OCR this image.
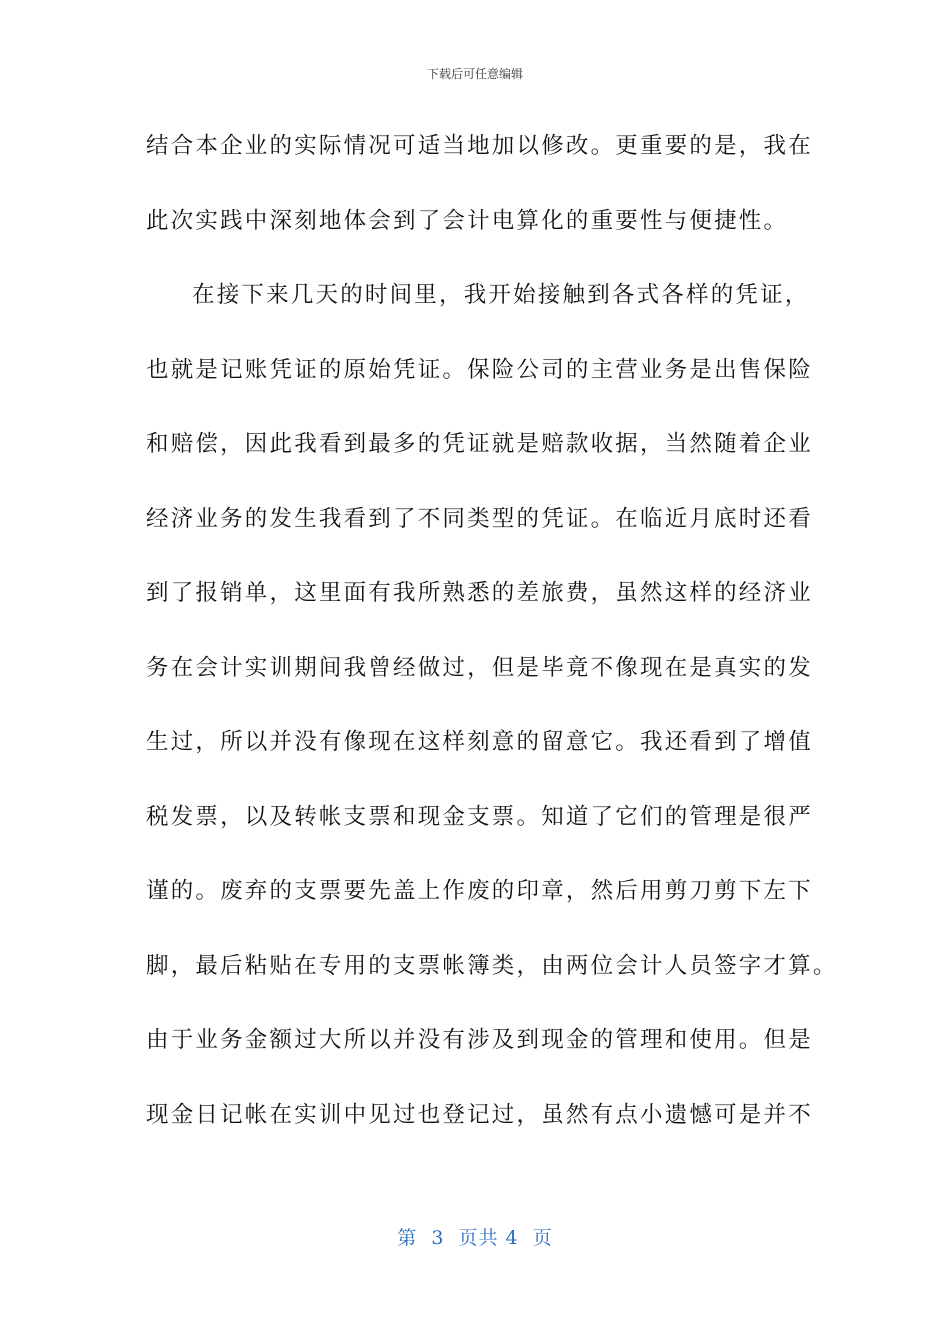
下载后可任意编辑
结合本企业的实际情况可适当地加以修改。更重要的是，我在
此次实践中深刻地体会到了会计电算化的重要性与便捷性。
在接下来几天的时间里，我开始接触到各式各样的凭证，
也就是记账凭证的原始凭证。保险公司的主营业务是出售保险
和赔偿，因此我看到最多的凭证就是赔款收据，当然随着企业
经济业务的发生我看到了不同类型的凭证。在临近月底时还看
到了报销单，这里面有我所熟悉的差旅费，虽然这样的经济业
务在会计实训期间我曾经做过，但是毕竟不像现在是真实的发
生过，所以并没有像现在这样刻意的留意它。我还看到了增值
税发票，以及转帐支票和现金支票。知道了它们的管理是很严
谨的。废弃的支票要先盖上作废的印章，然后用剪刀剪下左下
脚，最后粘贴在专用的支票帐簿类，由两位会计人员签字才算。
由于业务金额过大所以并没有涉及到现金的管理和使用。但是
现金日记帐在实训中见过也登记过，虽然有点小遗憾可是并不
第  3  页共 4  页
